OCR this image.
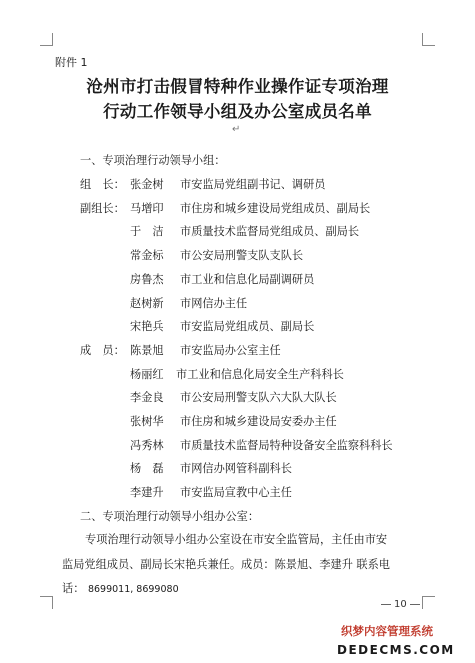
附件 1
沧州市打击假冒特种作业操作证专项治理
行动工作领导小组及办公室成员名单
↵
一、专项治理行动领导小组：
组　长： 张金树 市安监局党组副书记、调研员
副组长： 马增印 市住房和城乡建设局党组成员、副局长
于　洁 市质量技术监督局党组成员、副局长
常金标 市公安局刑警支队支队长
房鲁杰 市工业和信息化局副调研员
赵树新 市网信办主任
宋艳兵 市安监局党组成员、副局长
成　员： 陈景旭 市安监局办公室主任
杨丽红 市工业和信息化局安全生产科科长
李金良 市公安局刑警支队六大队大队长
张树华 市住房和城乡建设局安委办主任
冯秀林 市质量技术监督局特种设备安全监察科科长
杨　磊 市网信办网管科副科长
李建升 市安监局宣教中心主任
二、专项治理行动领导小组办公室：
专项治理行动领导小组办公室设在市安全监管局，主任由市安
监局党组成员、副局长宋艳兵兼任。成员：陈景旭、李建升 联系电
话： 8699011, 8699080
10
织梦内容管理系统
DEDECMS.COM
